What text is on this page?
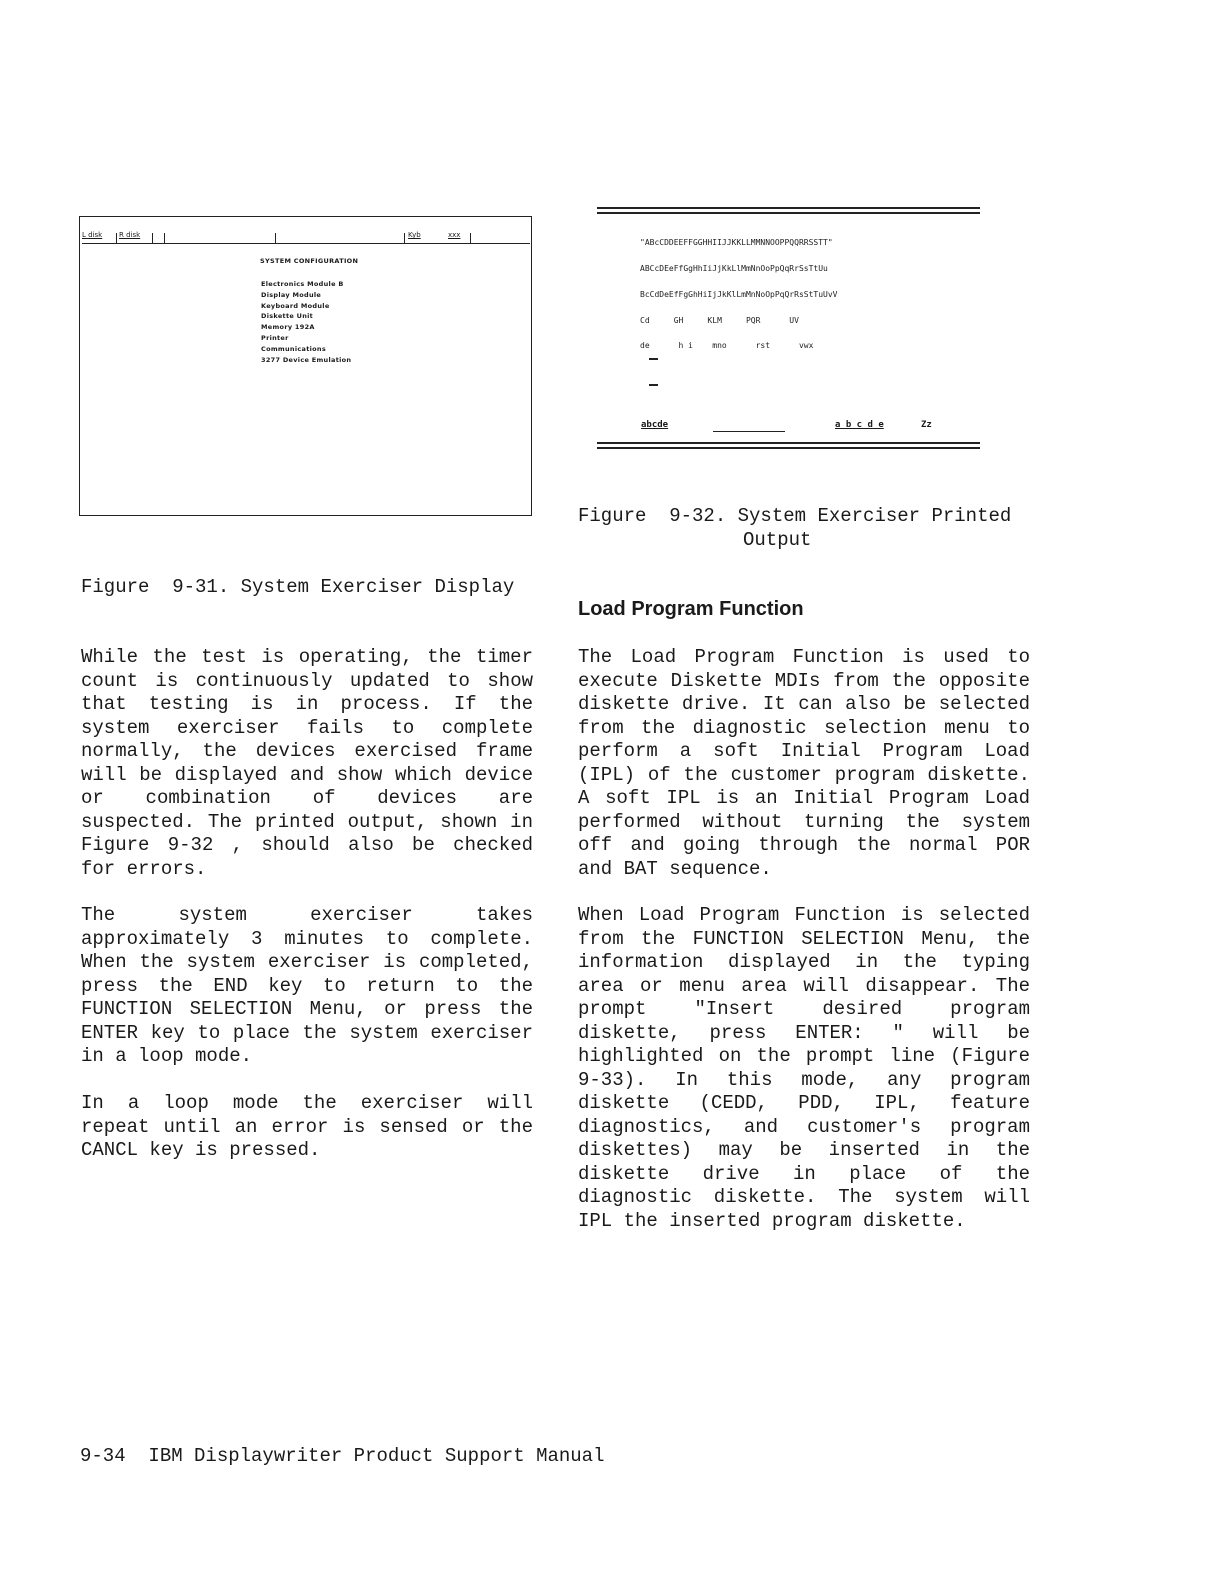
L disk R disk	Kyb	xxx
SYSTEM CONFIGURATION
Electronics Module B
Display Module
Keyboard Module
Diskette Unit
Memory 192A
Printer
Communications
3277 Device Emulation

"ABcCDDEEFFGGHHIIJJKKLLMMNNOOPPQQRRSSTT"

ABCcDEeFfGgHhIiJjKkLlMmNnOoPpQqRrSsTtUu

BcCdDeEfFgGhHiIjJkKlLmMnNoOpPqQrRsStTuUvV

Cd     GH     KLM     PQR      UV

de      h i    mno      rst      vwx

abcde	a b c d e	Zz
Figure  9-32. System Exerciser Printed
Output
Figure  9-31. System Exerciser Display

While the test is operating, the timer count is continuously updated to show that testing is in process. If the system exerciser fails to complete normally, the devices exercised frame will be displayed and show which device or combination of devices are suspected. The printed output, shown in Figure 9-32 , should also be checked for errors.

The system exerciser takes approximately 3 minutes to complete. When the system exerciser is completed, press the END key to return to the FUNCTION SELECTION Menu, or press the ENTER key to place the system exerciser in a loop mode.

In a loop mode the exerciser will repeat until an error is sensed or the CANCL key is pressed.

Load Program Function

The Load Program Function is used to execute Diskette MDIs from the opposite diskette drive. It can also be selected from the diagnostic selection menu to perform a soft Initial Program Load (IPL) of the customer program diskette. A soft IPL is an Initial Program Load performed without turning the system off and going through the normal POR and BAT sequence.

When Load Program Function is selected from the FUNCTION SELECTION Menu, the information displayed in the typing area or menu area will disappear. The prompt "Insert desired program diskette, press ENTER: " will be highlighted on the prompt line (Figure 9-33). In this mode, any program diskette (CEDD, PDD, IPL, feature diagnostics, and customer's program diskettes) may be inserted in the diskette drive in place of the diagnostic diskette. The system will IPL the inserted program diskette.

9-34  IBM Displaywriter Product Support Manual
